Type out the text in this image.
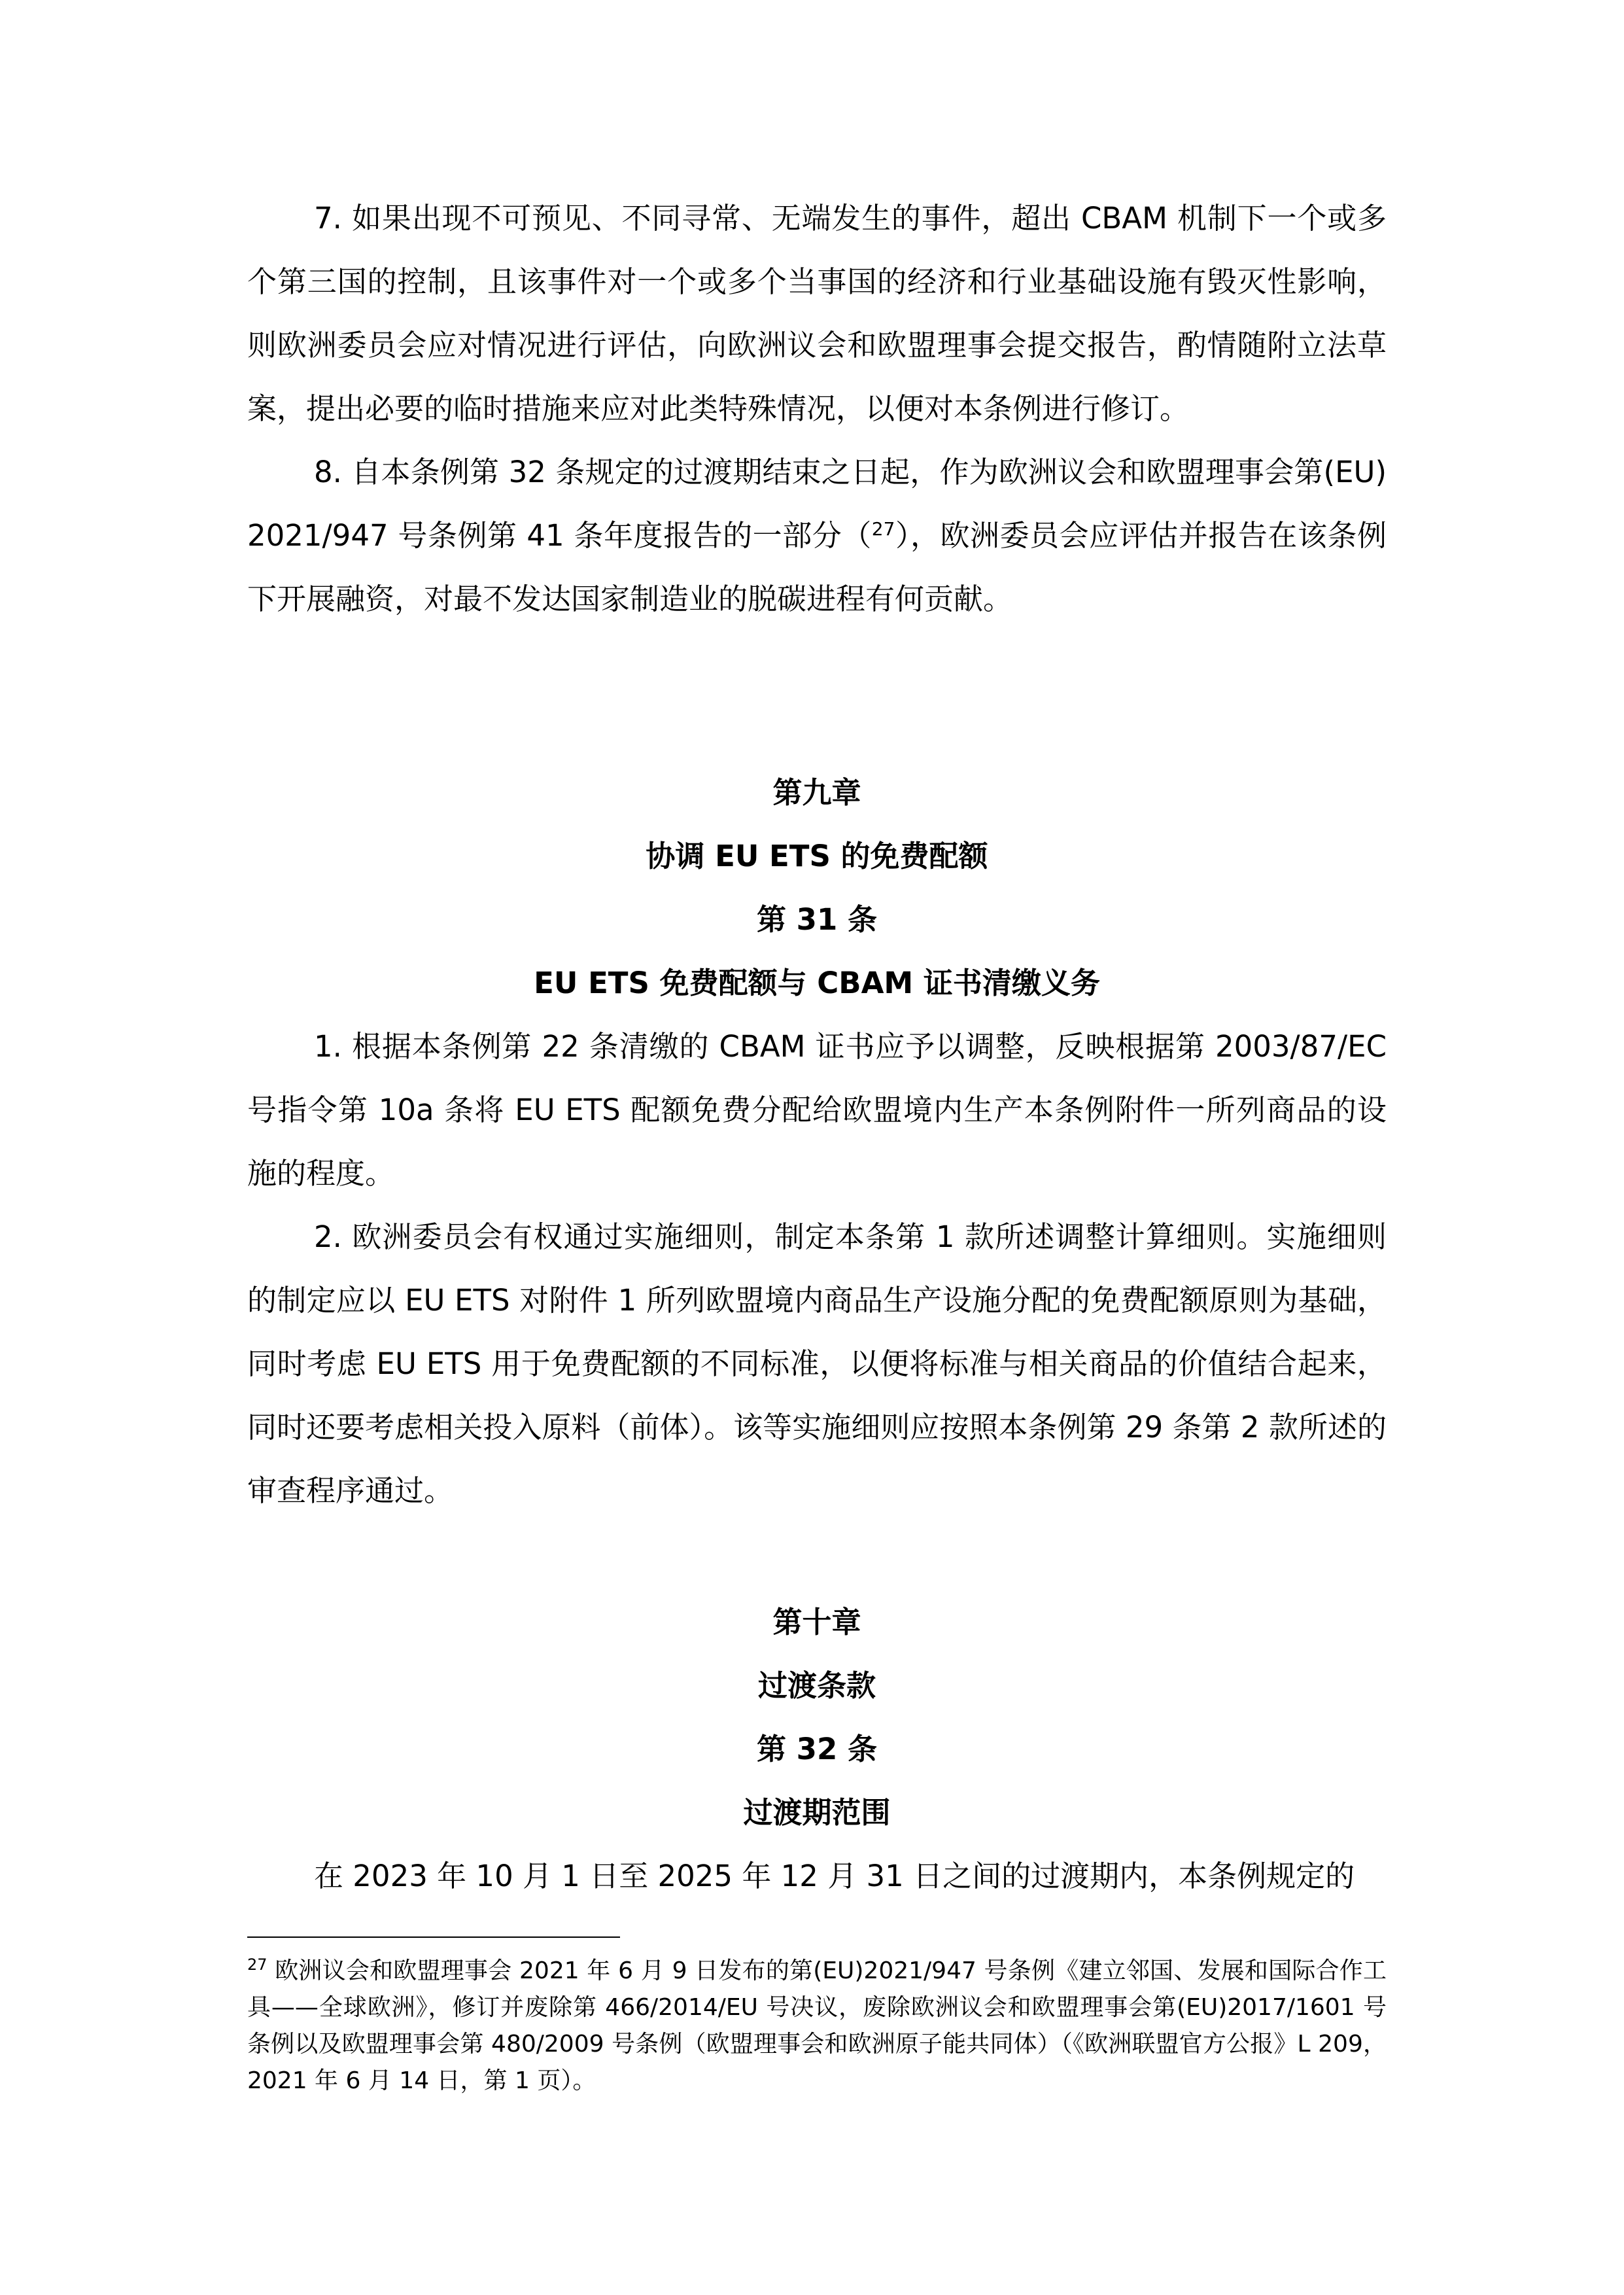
7. 如果出现不可预见、不同寻常、无端发生的事件，超出 CBAM 机制下一个或多个第三国的控制，且该事件对一个或多个当事国的经济和行业基础设施有毁灭性影响，则欧洲委员会应对情况进行评估，向欧洲议会和欧盟理事会提交报告，酌情随附立法草案，提出必要的临时措施来应对此类特殊情况，以便对本条例进行修订。

8. 自本条例第 32 条规定的过渡期结束之日起，作为欧洲议会和欧盟理事会第(EU) 2021/947 号条例第 41 条年度报告的一部分（$^{27}$），欧洲委员会应评估并报告在该条例下开展融资，对最不发达国家制造业的脱碳进程有何贡献。

第九章

协调 EU ETS 的免费配额

第 31 条

EU ETS 免费配额与 CBAM 证书清缴义务

1. 根据本条例第 22 条清缴的 CBAM 证书应予以调整，反映根据第 2003/87/EC 号指令第 10a 条将 EU ETS 配额免费分配给欧盟境内生产本条例附件一所列商品的设施的程度。

2. 欧洲委员会有权通过实施细则，制定本条第 1 款所述调整计算细则。实施细则的制定应以 EU ETS 对附件 1 所列欧盟境内商品生产设施分配的免费配额原则为基础，同时考虑 EU ETS 用于免费配额的不同标准，以便将标准与相关商品的价值结合起来，同时还要考虑相关投入原料（前体）。该等实施细则应按照本条例第 29 条第 2 款所述的审查程序通过。

第十章

过渡条款

第 32 条

过渡期范围

在 2023 年 10 月 1 日至 2025 年 12 月 31 日之间的过渡期内，本条例规定的

$^{27}$ 欧洲议会和欧盟理事会 2021 年 6 月 9 日发布的第(EU)2021/947 号条例《建立邻国、发展和国际合作工具——全球欧洲》，修订并废除第 466/2014/EU 号决议，废除欧洲议会和欧盟理事会第(EU)2017/1601 号条例以及欧盟理事会第 480/2009 号条例（欧盟理事会和欧洲原子能共同体）（《欧洲联盟官方公报》L 209，2021 年 6 月 14 日，第 1 页）。
